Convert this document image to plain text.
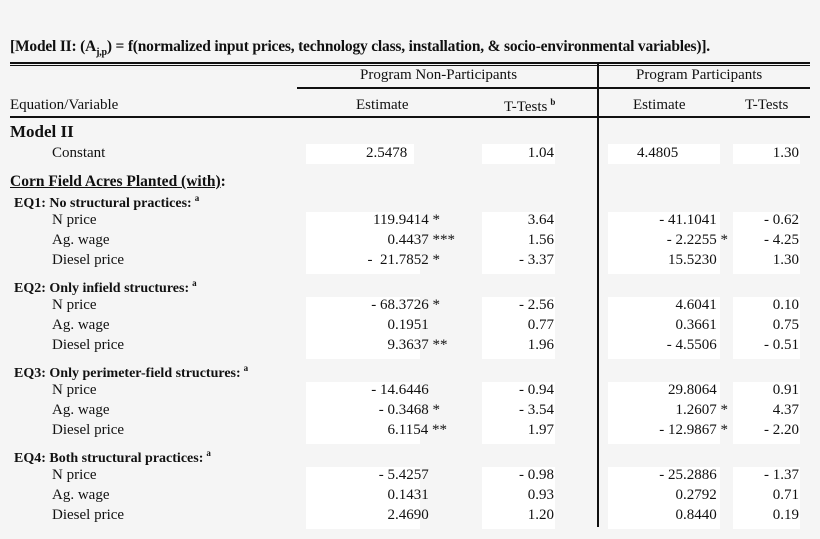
[Model II: $(A_{j,p})$ = f(normalized input prices, technology class, installation, & socio-environmental variables)].
Program Non-Participants	Program Participants
Equation/Variable	Estimate	T-Tests $^b$	Estimate	T-Tests
Model II
Constant	2.5478	1.04	4.4805	1.30
Corn Field Acres Planted (with):
EQ1: No structural practices: $^a$
N price	119.9414 *	3.64	- 41.1041	- 0.62
Ag. wage	0.4437 ***	1.56	- 2.2255 *	- 4.25
Diesel price	-  21.7852 *	- 3.37	15.5230	1.30
EQ2: Only infield structures: $^a$
N price	- 68.3726 *	- 2.56	4.6041	0.10
Ag. wage	0.1951	0.77	0.3661	0.75
Diesel price	9.3637 **	1.96	- 4.5506	- 0.51
EQ3: Only perimeter-field structures: $^a$
N price	- 14.6446	- 0.94	29.8064	0.91
Ag. wage	- 0.3468 *	- 3.54	1.2607 *	4.37
Diesel price	6.1154 **	1.97	- 12.9867 *	- 2.20
EQ4: Both structural practices: $^a$
N price	- 5.4257	- 0.98	- 25.2886	- 1.37
Ag. wage	0.1431	0.93	0.2792	0.71
Diesel price	2.4690	1.20	0.8440	0.19
